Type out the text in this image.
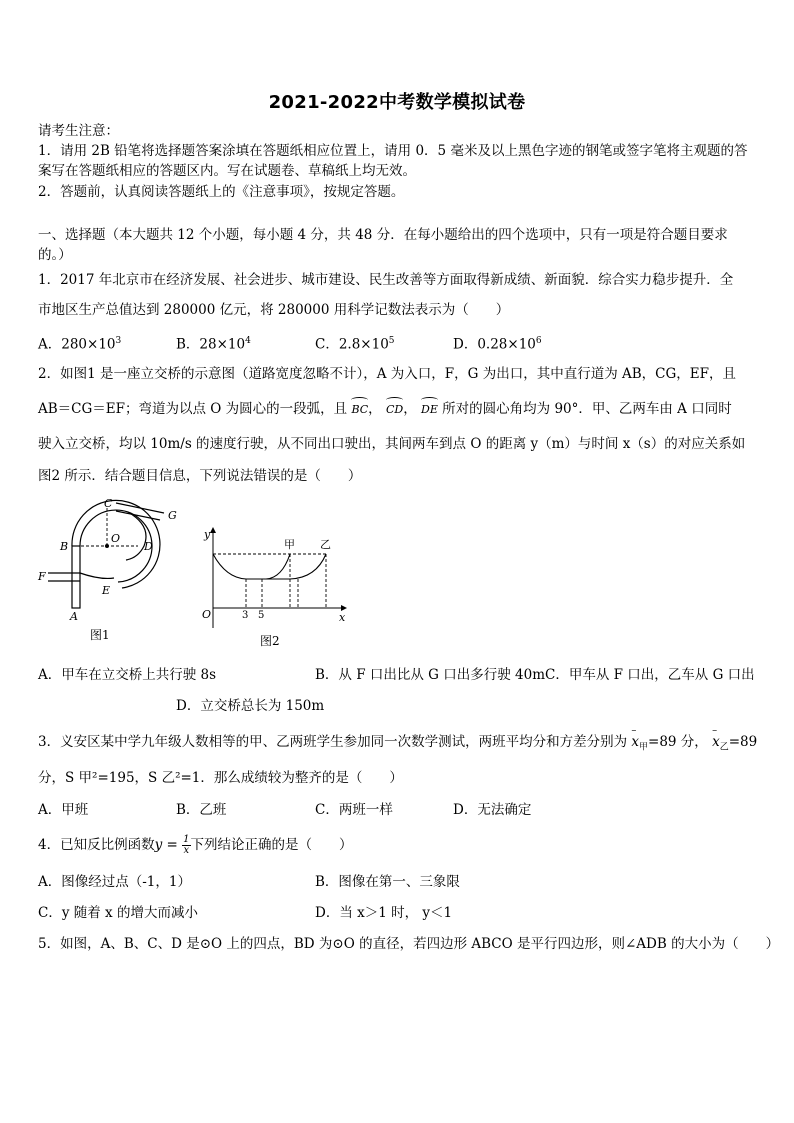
2021-2022中考数学模拟试卷
请考生注意：
1．请用 2B 铅笔将选择题答案涂填在答题纸相应位置上，请用 0．5 毫米及以上黑色字迹的钢笔或签字笔将主观题的答
案写在答题纸相应的答题区内。写在试题卷、草稿纸上均无效。
2．答题前，认真阅读答题纸上的《注意事项》，按规定答题。
一、选择题（本大题共 12 个小题，每小题 4 分，共 48 分．在每小题给出的四个选项中，只有一项是符合题目要求
的。）
1．2017 年北京市在经济发展、社会进步、城市建设、民生改善等方面取得新成绩、新面貌．综合实力稳步提升．全
市地区生产总值达到 280000 亿元，将 280000 用科学记数法表示为（　　）
A．$280\times 10^3$	B．$28\times 10^4$	C．$2.8\times 10^5$	D．$0.28\times 10^6$
2．如图1 是一座立交桥的示意图（道路宽度忽略不计），A 为入口，F，G 为出口，其中直行道为 AB，CG，EF，且
AB＝CG＝EF；弯道为以点 O 为圆心的一段弧，且 BC， CD， DE 所对的圆心角均为 90°．甲、乙两车由 A 口同时
驶入立交桥，均以 10m/s 的速度行驶，从不同出口驶出，其间两车到点 O 的距离 y（m）与时间 x（s）的对应关系如
图2 所示．结合题目信息，下列说法错误的是（　　）
C
G
B
O
D
F
E
A
图1
y
x
O	3 5
甲 乙
图2
A．甲车在立交桥上共行驶 8s	B．从 F 口出比从 G 口出多行驶 40mC．甲车从 F 口出，乙车从 G 口出
D．立交桥总长为 150m
3．义安区某中学九年级人数相等的甲、乙两班学生参加同一次数学测试，两班平均分和方差分别为 – $x_甲=89$ 分， – $x_乙=89$
分，S 甲²=195，S 乙²=1．那么成绩较为整齐的是（　　）
A．甲班	B．乙班	C．两班一样	D．无法确定
4．已知反比例函数$y = \frac{1}{x}$ 下列结论正确的是（　　）
A．图像经过点（-1，1）	B．图像在第一、三象限
C．y 随着 x 的增大而减小	D．当 x＞1 时， y＜1
5．如图，A、B、C、D 是⊙O 上的四点，BD 为⊙O 的直径，若四边形 ABCO 是平行四边形，则∠ADB 的大小为（　　）
